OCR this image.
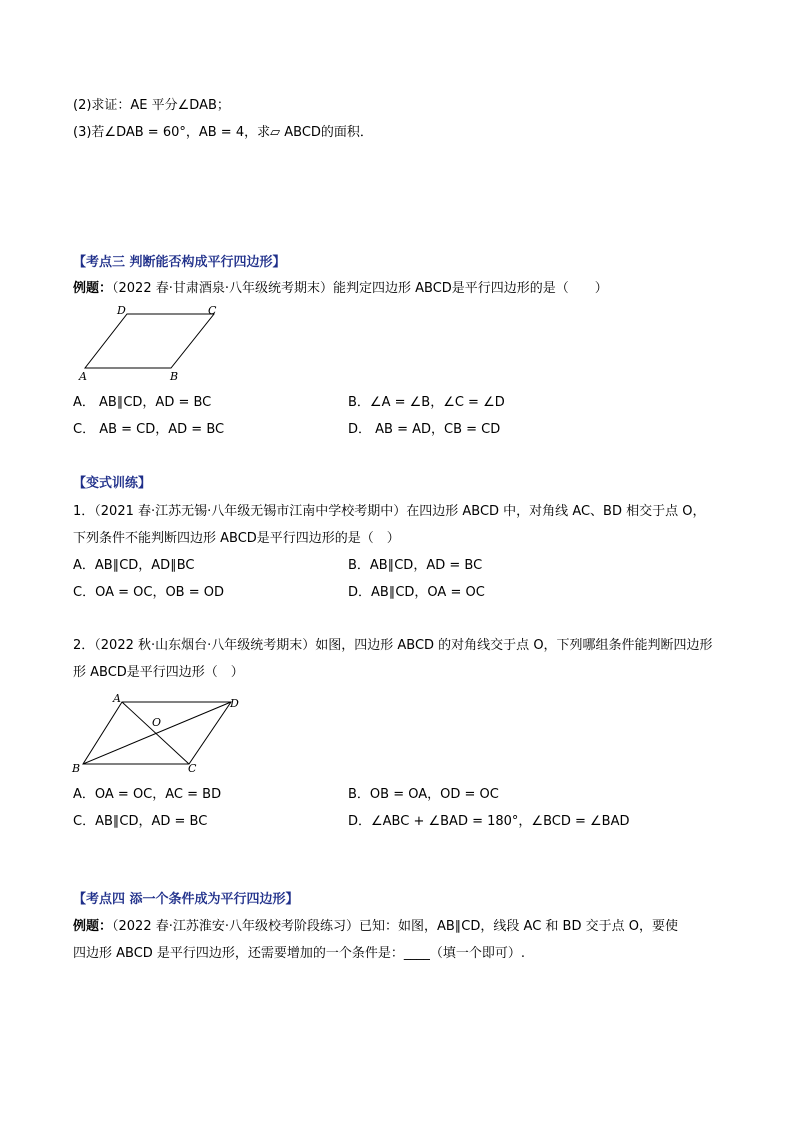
(2)求证：AE 平分∠DAB；
(3)若∠DAB = 60°，AB = 4，求▱ ABCD的面积．
【考点三 判断能否构成平行四边形】
例题：（2022 春·甘肃酒泉·八年级统考期末）能判定四边形 ABCD是平行四边形的是（　　）
D	C
A	B
A． AB∥CD，AD = BC	B．∠A = ∠B，∠C = ∠D
C． AB = CD，AD = BC	D． AB = AD，CB = CD
【变式训练】
1．（2021 春·江苏无锡·八年级无锡市江南中学校考期中）在四边形 ABCD 中，对角线 AC、BD 相交于点 O，
下列条件不能判断四边形 ABCD是平行四边形的是（　）
A．AB∥CD，AD∥BC	B．AB∥CD，AD = BC
C．OA = OC，OB = OD	D．AB∥CD，OA = OC
2．（2022 秋·山东烟台·八年级统考期末）如图，四边形 ABCD 的对角线交于点 O，下列哪组条件能判断四边形
形 ABCD是平行四边形（　）
A	D
O
B	C
A．OA = OC，AC = BD	B．OB = OA，OD = OC
C．AB∥CD，AD = BC	D．∠ABC + ∠BAD = 180°，∠BCD = ∠BAD
【考点四 添一个条件成为平行四边形】
例题：（2022 春·江苏淮安·八年级校考阶段练习）已知：如图，AB∥CD，线段 AC 和 BD 交于点 O，要使
四边形 ABCD 是平行四边形，还需要增加的一个条件是：____（填一个即可）.
